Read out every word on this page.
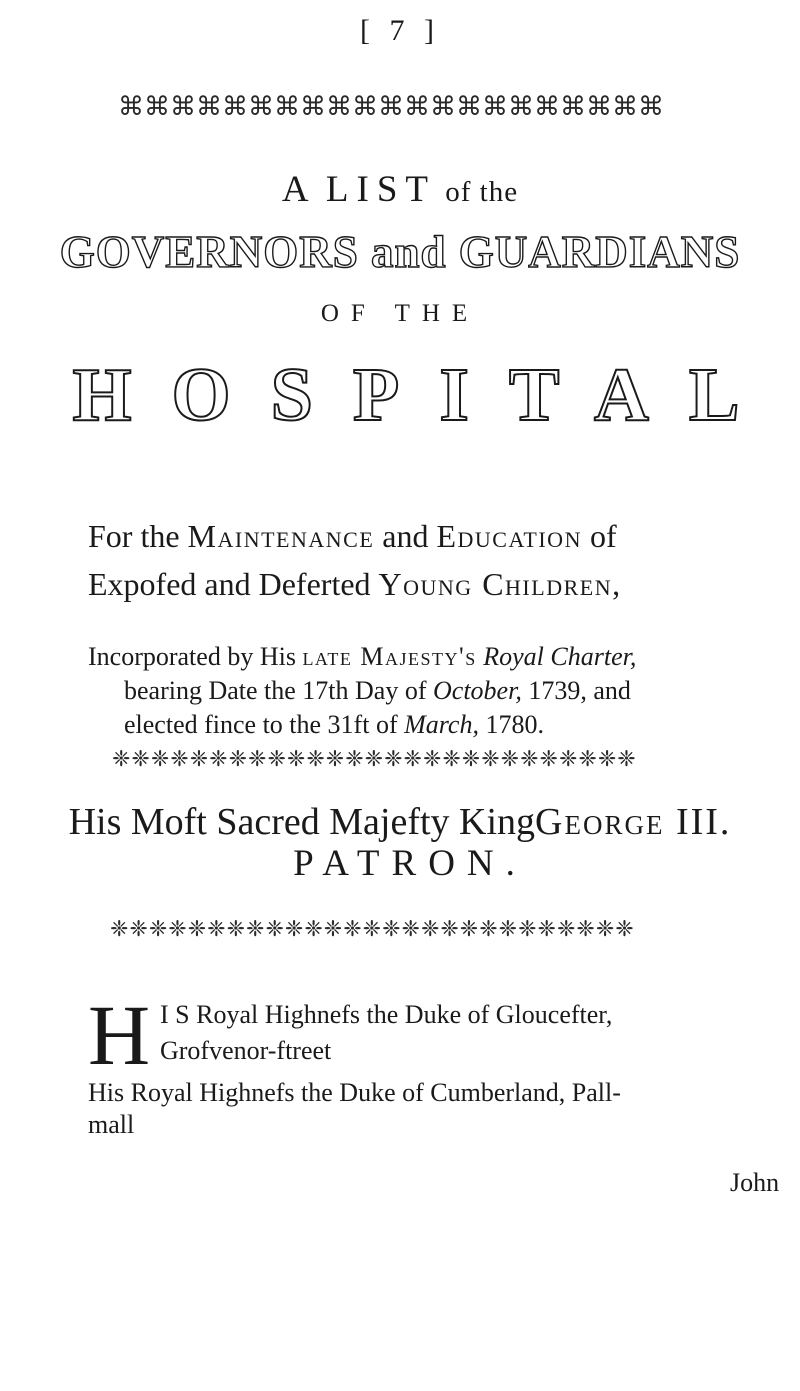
[ 7 ]
⌘⌘⌘⌘⌘⌘⌘⌘⌘⌘⌘⌘⌘⌘⌘⌘⌘⌘⌘⌘⌘
A LIST of the
GOVERNORS and GUARDIANS
OF THE
HOSPITAL
For the Maintenance and Education of
Expofed and Deferted Young Children,
Incorporated by His late Majesty's Royal Charter,
bearing Date the 17th Day of October, 1739, and
elected fince to the 31ft of March, 1780.
❈❈❈❈❈❈❈❈❈❈❈❈❈❈❈❈❈❈❈❈❈❈❈❈❈❈❈
His Moft Sacred Majefty KingGeorge III.
PATRON.
❈❈❈❈❈❈❈❈❈❈❈❈❈❈❈❈❈❈❈❈❈❈❈❈❈❈❈
H I S Royal Highnefs the Duke of Gloucefter,
Grofvenor-ftreet
His Royal Highnefs the Duke of Cumberland, Pall-
mall
John
